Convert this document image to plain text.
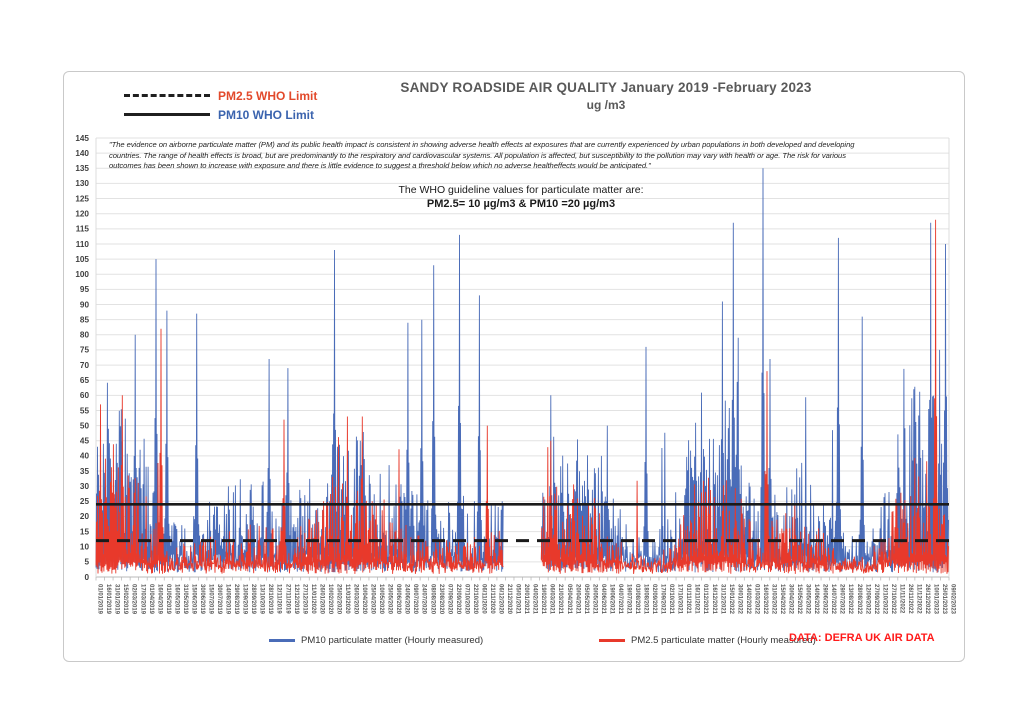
0
5
10
15
20
25
30
35
40
45
50
55
60
65
70
75
80
85
90
95
100
105
110
115
120
125
130
135
140
145
01/01/2019 16/01/2019 31/01/2019 15/02/2019 02/03/2019 17/03/2019 01/04/2019 16/04/2019 01/05/2019 16/05/2019 31/05/2019 15/06/2019 30/06/2019 15/07/2019 30/07/2019 14/08/2019 29/08/2019 13/09/2019 28/09/2019 13/10/2019 28/10/2019 12/11/2019 27/11/2019 12/12/2019 27/12/2019 11/01/2020 26/01/2020 10/02/2020 25/02/2020 11/03/2020 26/03/2020 10/04/2020 25/04/2020 10/05/2020 25/05/2020 09/06/2020 24/06/2020 09/07/2020 24/07/2020 08/08/2020 23/08/2020 07/09/2020 22/09/2020 07/10/2020 22/10/2020 06/11/2020 21/11/2020 06/12/2020 21/12/2020 05/01/2021 20/01/2021 04/02/2021 19/02/2021 06/03/2021 21/03/2021 05/04/2021 20/04/2021 05/05/2021 20/05/2021 04/06/2021 19/06/2021 04/07/2021 19/07/2021 03/08/2021 18/08/2021 02/09/2021 17/09/2021 02/10/2021 17/10/2021 01/11/2021 16/11/2021 01/12/2021 16/12/2021 31/12/2021 15/01/2022 30/01/2022 14/02/2022 01/03/2022 16/03/2022 31/03/2022 15/04/2022 30/04/2022 15/05/2022 30/05/2022 14/06/2022 29/06/2022 14/07/2022 29/07/2022 13/08/2022 28/08/2022 12/09/2022 27/09/2022 12/10/2022 27/10/2022 11/11/2022 26/11/2022 11/12/2022 26/12/2022 10/01/2023 25/01/2023 09/02/2023
PM2.5 WHO Limit
PM10 WHO Limit
SANDY ROADSIDE AIR QUALITY January 2019 -February 2023
ug /m3
"The evidence on airborne particulate matter (PM) and its public health impact is consistent in showing adverse health effects at exposures that are currently experienced by urban populations in both developed and developing
countries. The range of health effects is broad, but are predominantly to the respiratory and cardiovascular systems. All population is affected, but susceptibility to the pollution may vary with health or age. The risk for various
outcomes has been shown to increase with exposure and there is little evidence to suggest a threshold below which no adverse healtheffects would be anticipated."
The WHO guideline values for particulate matter are:
PM2.5= 10 µg/m3 & PM10 =20 µg/m3
PM10 particulate matter (Hourly measured)	PM2.5 particulate matter (Hourly measured)
DATA: DEFRA UK AIR DATA
